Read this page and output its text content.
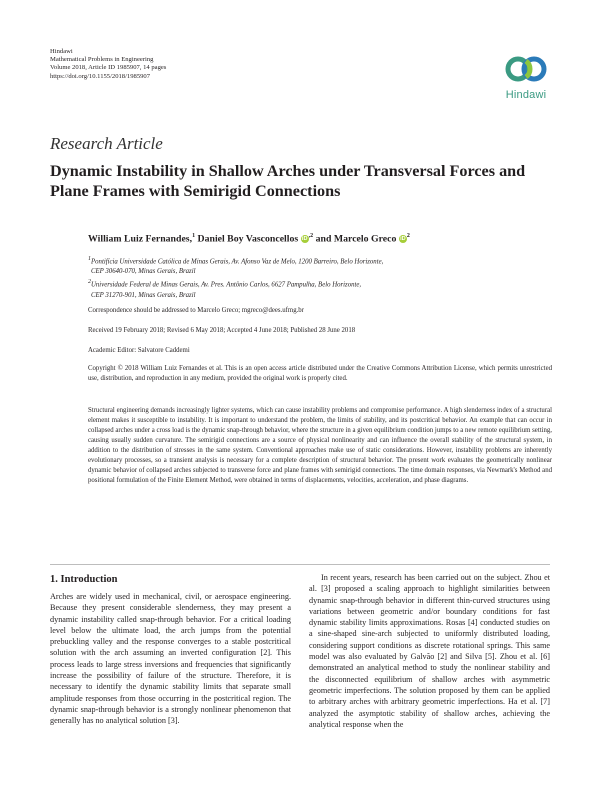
Hindawi
Mathematical Problems in Engineering
Volume 2018, Article ID 1985907, 14 pages
https://doi.org/10.1155/2018/1985907
Hindawi
Research Article
Dynamic Instability in Shallow Arches under Transversal Forces and Plane Frames with Semirigid Connections
William Luiz Fernandes,$^1$ Daniel Boy Vasconcellos $iD^{,2}$ and Marcelo Greco $iD^2$
$^1$Pontifícia Universidade Católica de Minas Gerais, Av. Afonso Vaz de Melo, 1200 Barreiro, Belo Horizonte,
CEP 30640-070, Minas Gerais, Brazil
$^2$Universidade Federal de Minas Gerais, Av. Pres. Antônio Carlos, 6627 Pampulha, Belo Horizonte,
CEP 31270-901, Minas Gerais, Brazil
Correspondence should be addressed to Marcelo Greco; mgreco@dees.ufmg.br
Received 19 February 2018; Revised 6 May 2018; Accepted 4 June 2018; Published 28 June 2018
Academic Editor: Salvatore Caddemi
Copyright © 2018 William Luiz Fernandes et al. This is an open access article distributed under the Creative Commons Attribution License, which permits unrestricted use, distribution, and reproduction in any medium, provided the original work is properly cited.
Structural engineering demands increasingly lighter systems, which can cause instability problems and compromise performance. A high slenderness index of a structural element makes it susceptible to instability. It is important to understand the problem, the limits of stability, and its postcritical behavior. An example that can occur in collapsed arches under a cross load is the dynamic snap-through behavior, where the structure in a given equilibrium condition jumps to a new remote equilibrium setting, causing usually sudden curvature. The semirigid connections are a source of physical nonlinearity and can influence the overall stability of the structural system, in addition to the distribution of stresses in the same system. Conventional approaches make use of static considerations. However, instability problems are inherently evolutionary processes, so a transient analysis is necessary for a complete description of structural behavior. The present work evaluates the geometrically nonlinear dynamic behavior of collapsed arches subjected to transverse force and plane frames with semirigid connections. The time domain responses, via Newmark's Method and positional formulation of the Finite Element Method, were obtained in terms of displacements, velocities, acceleration, and phase diagrams.
1. Introduction
Arches are widely used in mechanical, civil, or aerospace engineering. Because they present considerable slenderness, they may present a dynamic instability called snap-through behavior. For a critical loading level below the ultimate load, the arch jumps from the potential prebuckling valley and the response converges to a stable postcritical solution with the arch assuming an inverted configuration [2]. This process leads to large stress inversions and frequencies that significantly increase the possibility of failure of the structure. Therefore, it is necessary to identify the dynamic stability limits that separate small amplitude responses from those occurring in the postcritical region. The dynamic snap-through behavior is a strongly nonlinear phenomenon that generally has no analytical solution [3].
In recent years, research has been carried out on the subject. Zhou et al. [3] proposed a scaling approach to highlight similarities between dynamic snap-through behavior in different thin-curved structures using variations between geometric and/or boundary conditions for fast dynamic stability limits approximations. Rosas [4] conducted studies on a sine-shaped sine-arch subjected to uniformly distributed loading, considering support conditions as discrete rotational springs. This same model was also evaluated by Galvão [2] and Silva [5]. Zhou et al. [6] demonstrated an analytical method to study the nonlinear stability and the disconnected equilibrium of shallow arches with asymmetric geometric imperfections. The solution proposed by them can be applied to arbitrary arches with arbitrary geometric imperfections. Ha et al. [7] analyzed the asymptotic stability of shallow arches, achieving the analytical response when the
